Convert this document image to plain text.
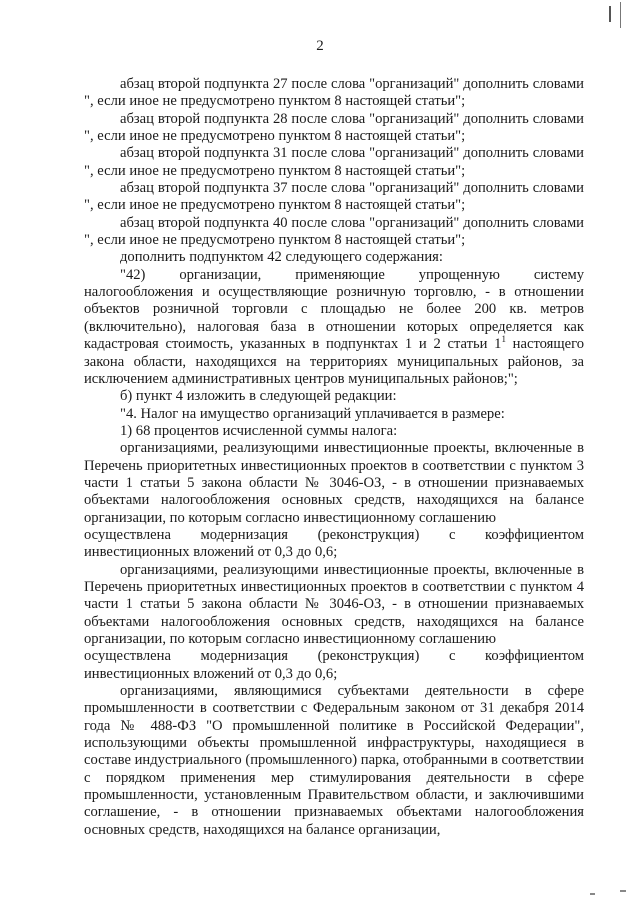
2
абзац второй подпункта 27 после слова "организаций" дополнить словами ", если иное не предусмотрено пунктом 8 настоящей статьи";
абзац второй подпункта 28 после слова "организаций" дополнить словами ", если иное не предусмотрено пунктом 8 настоящей статьи";
абзац второй подпункта 31 после слова "организаций" дополнить словами ", если иное не предусмотрено пунктом 8 настоящей статьи";
абзац второй подпункта 37 после слова "организаций" дополнить словами ", если иное не предусмотрено пунктом 8 настоящей статьи";
абзац второй подпункта 40 после слова "организаций" дополнить словами ", если иное не предусмотрено пунктом 8 настоящей статьи";
дополнить подпунктом 42 следующего содержания:
"42) организации, применяющие упрощенную систему
налогообложения и осуществляющие розничную торговлю, - в отношении объектов розничной торговли с площадью не более 200 кв. метров (включительно), налоговая база в отношении которых определяется как кадастровая стоимость, указанных в подпунктах 1 и 2 статьи $1^1$ настоящего закона области, находящихся на территориях муниципальных районов, за исключением административных центров муниципальных районов;";
б) пункт 4 изложить в следующей редакции:
"4. Налог на имущество организаций уплачивается в размере:
1) 68 процентов исчисленной суммы налога:
организациями, реализующими инвестиционные проекты, включенные в Перечень приоритетных инвестиционных проектов в соответствии с пунктом 3 части 1 статьи 5 закона области № 3046-ОЗ, - в отношении признаваемых объектами налогообложения основных средств, находящихся на балансе организации, по которым согласно инвестиционному соглашению
осуществлена модернизация (реконструкция) с коэффициентом
инвестиционных вложений от 0,3 до 0,6;
организациями, реализующими инвестиционные проекты, включенные в Перечень приоритетных инвестиционных проектов в соответствии с пунктом 4 части 1 статьи 5 закона области № 3046-ОЗ, - в отношении признаваемых объектами налогообложения основных средств, находящихся на балансе организации, по которым согласно инвестиционному соглашению
осуществлена модернизация (реконструкция) с коэффициентом
инвестиционных вложений от 0,3 до 0,6;
организациями, являющимися субъектами деятельности в сфере промышленности в соответствии с Федеральным законом от 31 декабря 2014 года № 488-ФЗ "О промышленной политике в Российской Федерации", использующими объекты промышленной инфраструктуры, находящиеся в составе индустриального (промышленного) парка, отобранными в соответствии с порядком применения мер стимулирования деятельности в сфере промышленности, установленным Правительством области, и заключившими соглашение, - в отношении признаваемых объектами налогообложения основных средств, находящихся на балансе организации,
